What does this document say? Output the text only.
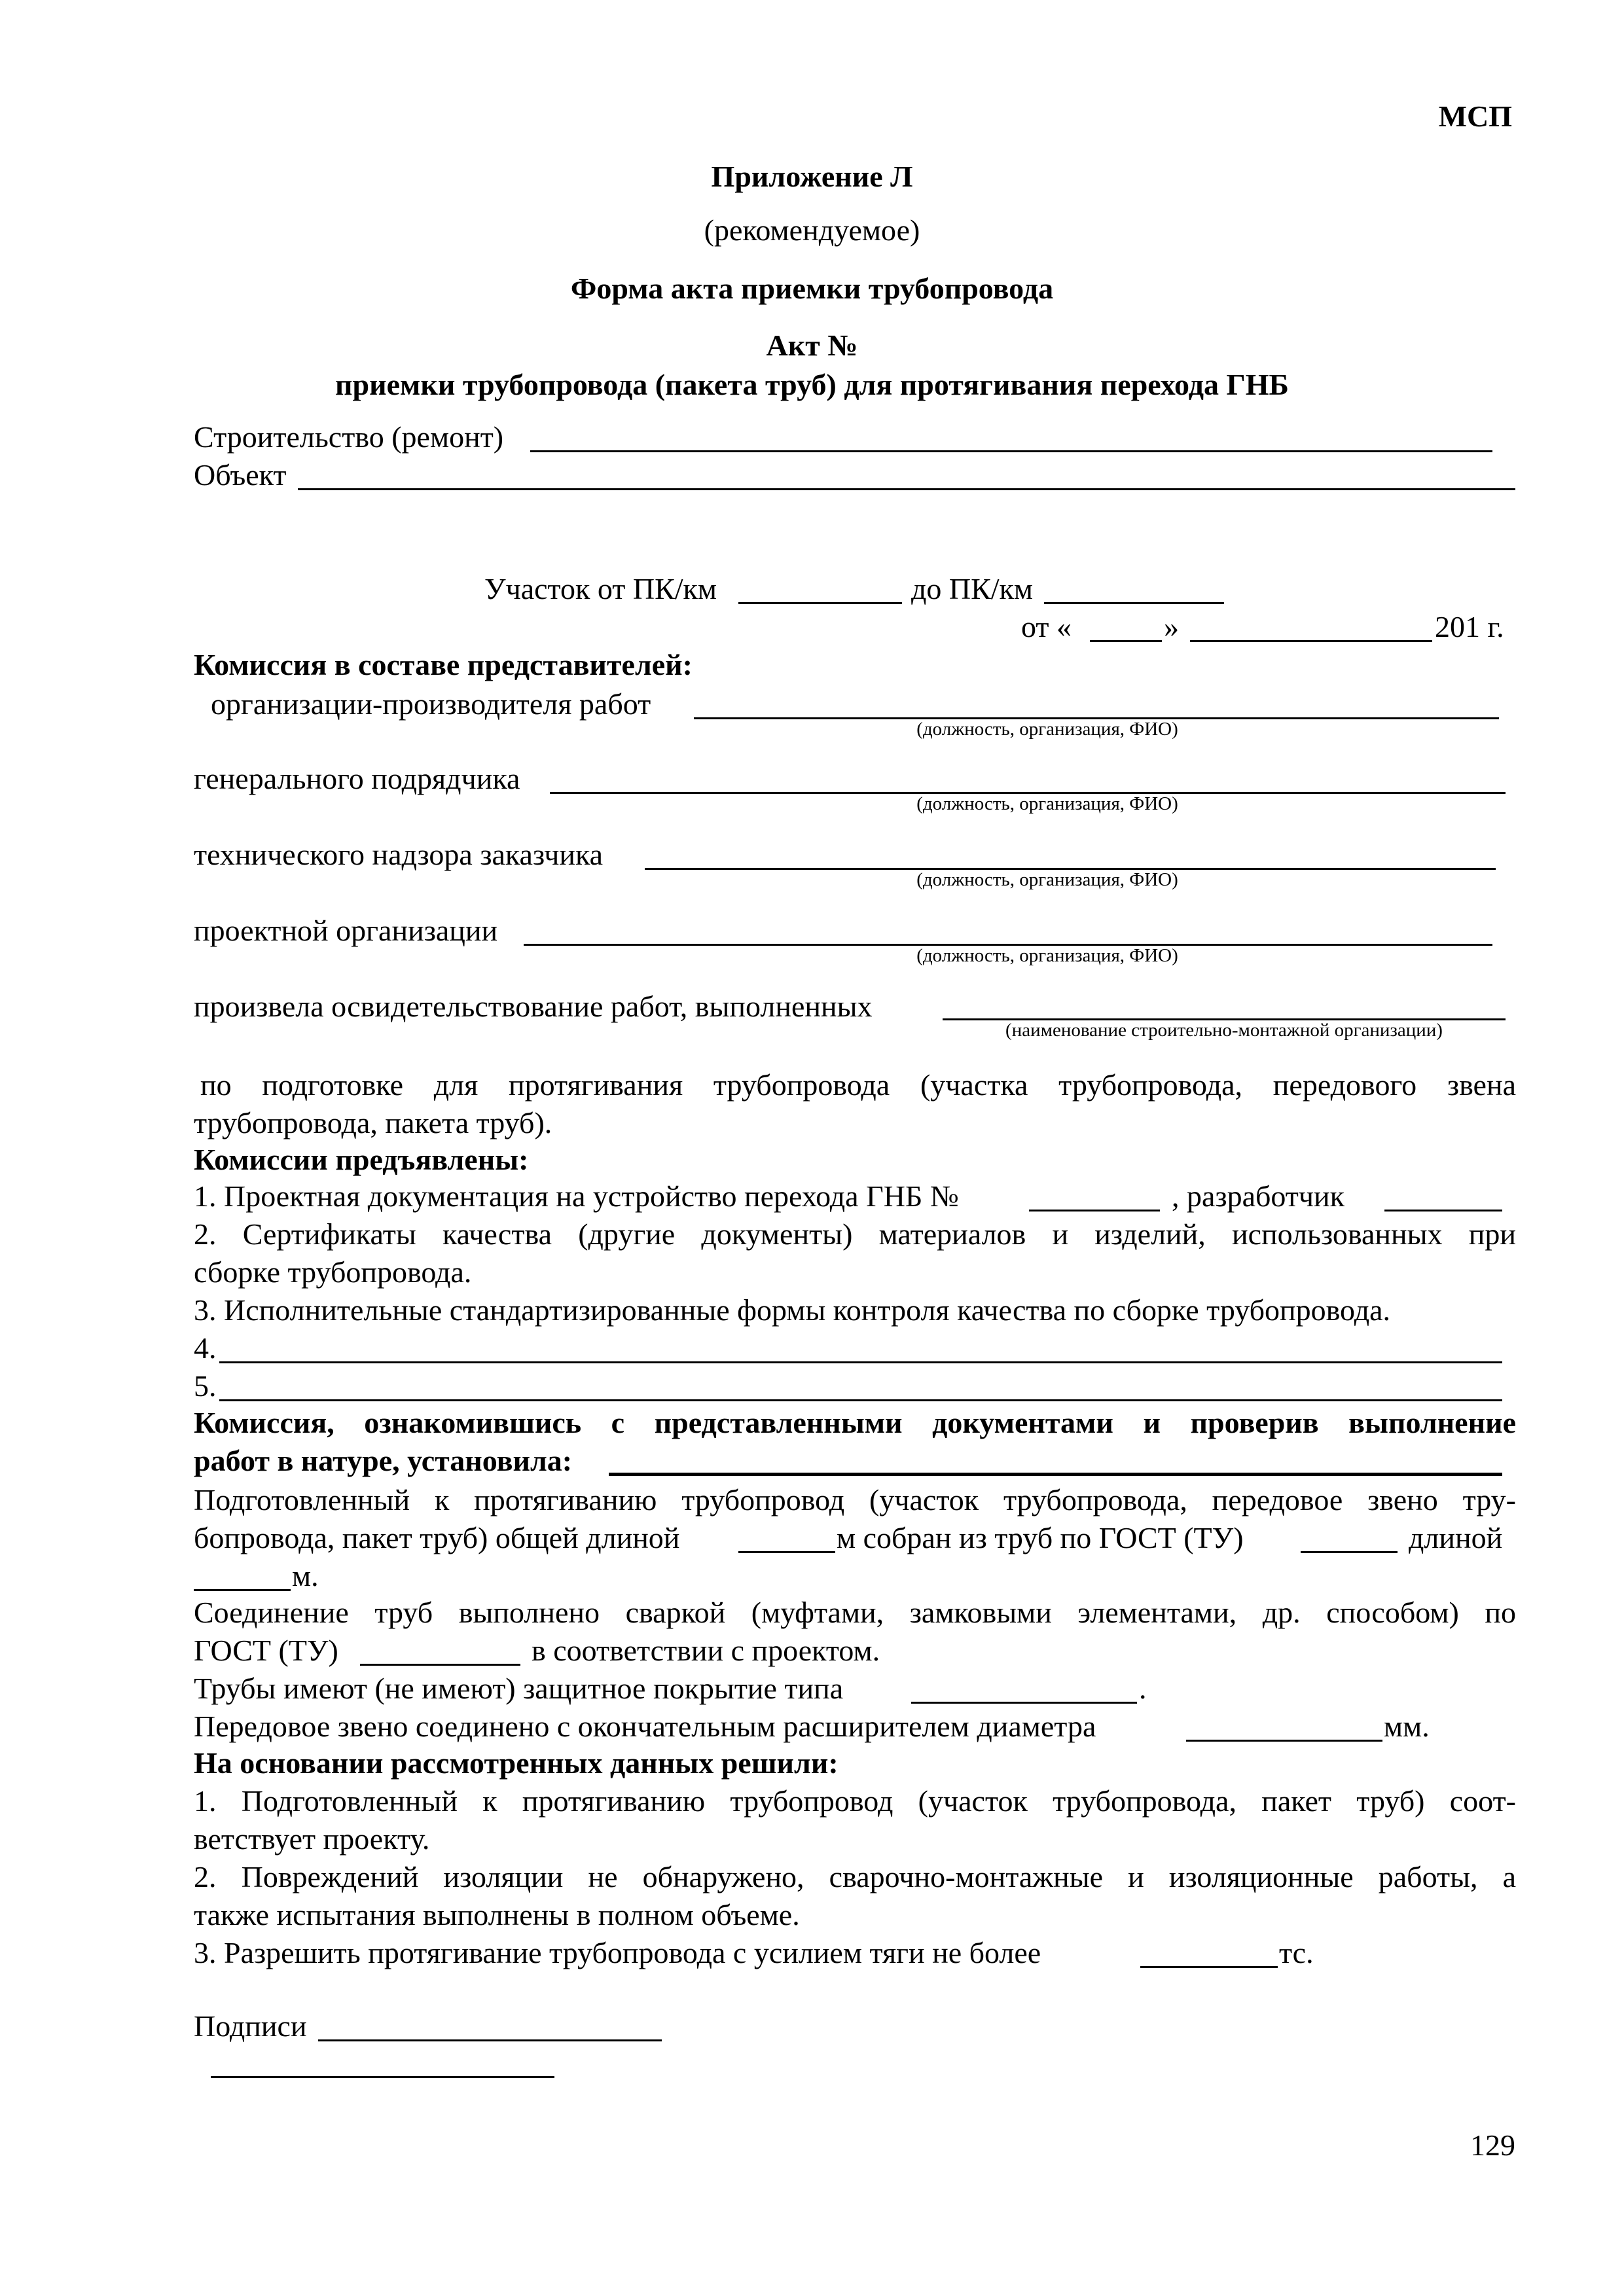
МСП
Приложение Л
(рекомендуемое)
Форма акта приемки трубопровода
Акт №
приемки трубопровода (пакета труб) для протягивания перехода ГНБ
Строительство (ремонт)
Объект
Участок от ПК/км	до ПК/км
от «	»	201 г.
Комиссия в составе представителей:
организации-производителя работ
(должность, организация, ФИО)
генерального подрядчика
(должность, организация, ФИО)
технического надзора заказчика
(должность, организация, ФИО)
проектной организации
(должность, организация, ФИО)
произвела освидетельствование работ, выполненных
(наименование строительно-монтажной организации)
по подготовке для протягивания трубопровода (участка трубопровода, передового звена
трубопровода, пакета труб).
Комиссии предъявлены:
1. Проектная документация на устройство перехода ГНБ №	, разработчик
2. Сертификаты качества (другие документы) материалов и изделий, использованных при
сборке трубопровода.
3. Исполнительные стандартизированные формы контроля качества по сборке трубопровода.
4.
5.
Комиссия, ознакомившись с представленными документами и проверив выполнение
работ в натуре, установила:
Подготовленный к протягиванию трубопровод (участок трубопровода, передовое звено тру-
бопровода, пакет труб) общей длиной	м собран из труб по ГОСТ (ТУ)	длиной
м.
Соединение труб выполнено сваркой (муфтами, замковыми элементами, др. способом) по
ГОСТ (ТУ)	в соответствии с проектом.
Трубы имеют (не имеют) защитное покрытие типа	.
Передовое звено соединено с окончательным расширителем диаметра	мм.
На основании рассмотренных данных решили:
1. Подготовленный к протягиванию трубопровод (участок трубопровода, пакет труб) соот-
ветствует проекту.
2. Повреждений изоляции не обнаружено, сварочно-монтажные и изоляционные работы, а
также испытания выполнены в полном объеме.
3. Разрешить протягивание трубопровода с усилием тяги не более	тс.
Подписи
129
